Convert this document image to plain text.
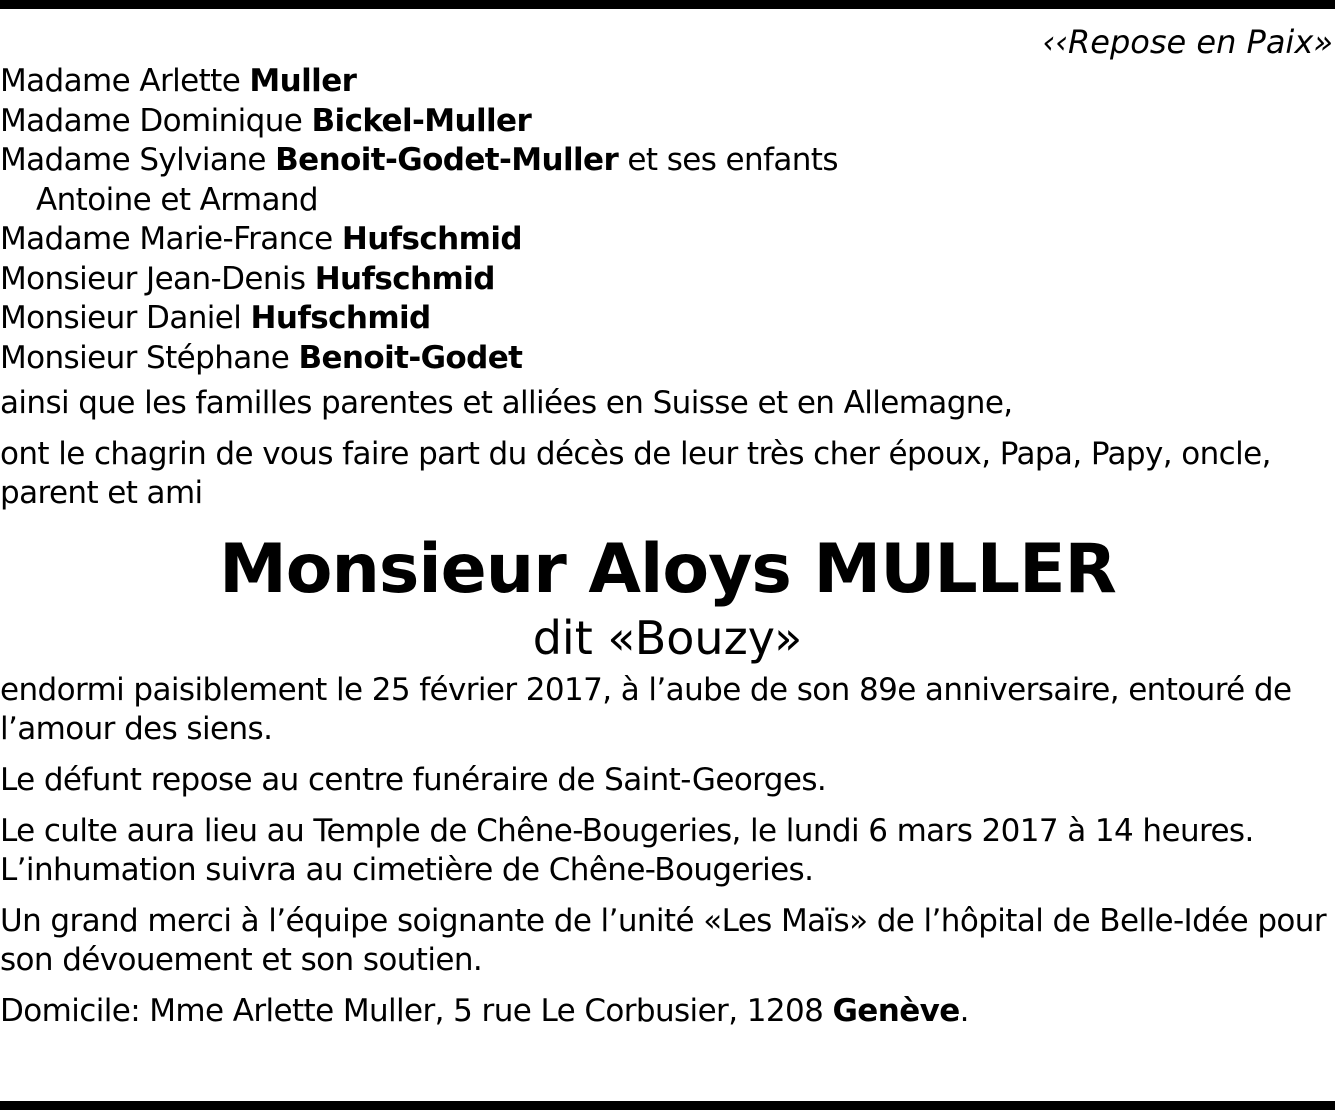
‹‹Repose en Paix»
Madame Arlette Muller
Madame Dominique Bickel-Muller
Madame Sylviane Benoit-Godet-Muller et ses enfants
Antoine et Armand
Madame Marie-France Hufschmid
Monsieur Jean-Denis Hufschmid
Monsieur Daniel Hufschmid
Monsieur Stéphane Benoit-Godet
ainsi que les familles parentes et alliées en Suisse et en Allemagne,
ont le chagrin de vous faire part du décès de leur très cher époux, Papa, Papy, oncle, parent et ami
Monsieur Aloys MULLER
dit «Bouzy»
endormi paisiblement le 25 février 2017, à l’aube de son 89e anniversaire, entouré de l’amour des siens.
Le défunt repose au centre funéraire de Saint-Georges.
Le culte aura lieu au Temple de Chêne-Bougeries, le lundi 6 mars 2017 à 14 heures.
L’inhumation suivra au cimetière de Chêne-Bougeries.
Un grand merci à l’équipe soignante de l’unité «Les Maïs» de l’hôpital de Belle-Idée pour son dévouement et son soutien.
Domicile: Mme Arlette Muller, 5 rue Le Corbusier, 1208 Genève.
